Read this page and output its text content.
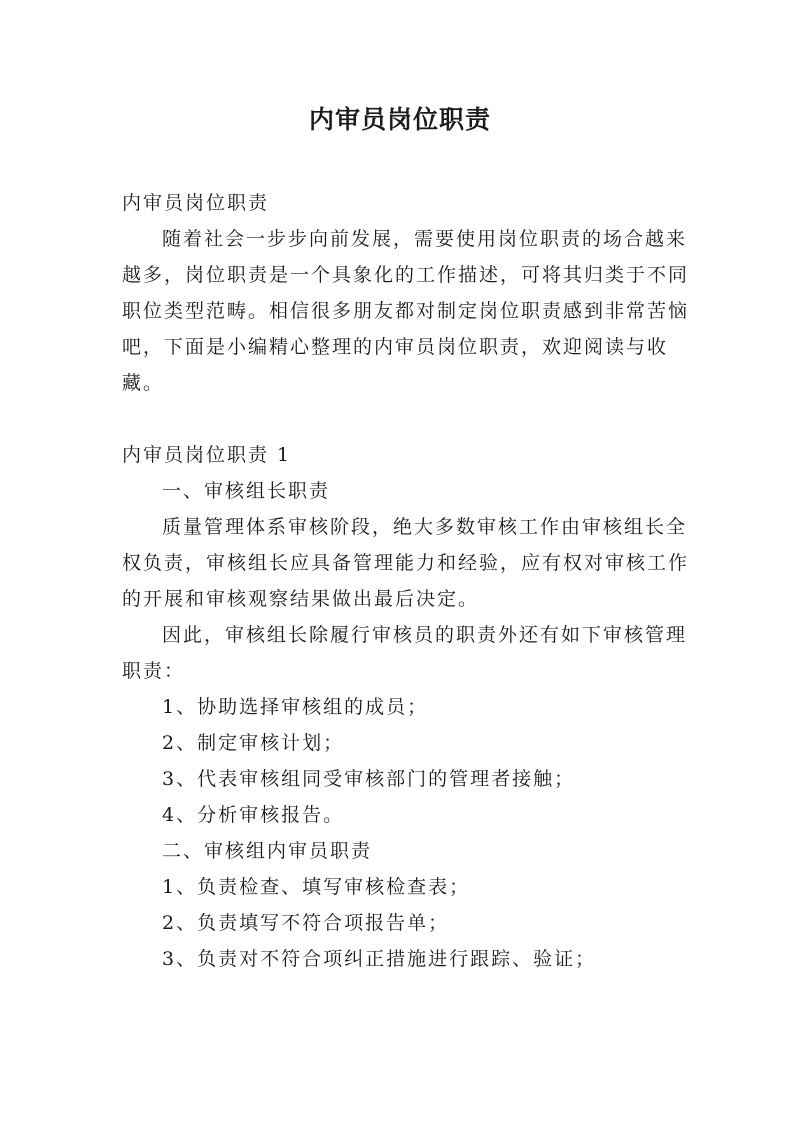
内审员岗位职责

内审员岗位职责

随着社会一步步向前发展，需要使用岗位职责的场合越来越多，岗位职责是一个具象化的工作描述，可将其归类于不同职位类型范畴。相信很多朋友都对制定岗位职责感到非常苦恼吧，下面是小编精心整理的内审员岗位职责，欢迎阅读与收藏。

内审员岗位职责 1

一、审核组长职责

质量管理体系审核阶段，绝大多数审核工作由审核组长全权负责，审核组长应具备管理能力和经验，应有权对审核工作的开展和审核观察结果做出最后决定。

因此，审核组长除履行审核员的职责外还有如下审核管理职责：

1、协助选择审核组的成员；

2、制定审核计划；

3、代表审核组同受审核部门的管理者接触；

4、分析审核报告。

二、审核组内审员职责

1、负责检查、填写审核检查表；

2、负责填写不符合项报告单；

3、负责对不符合项纠正措施进行跟踪、验证；
